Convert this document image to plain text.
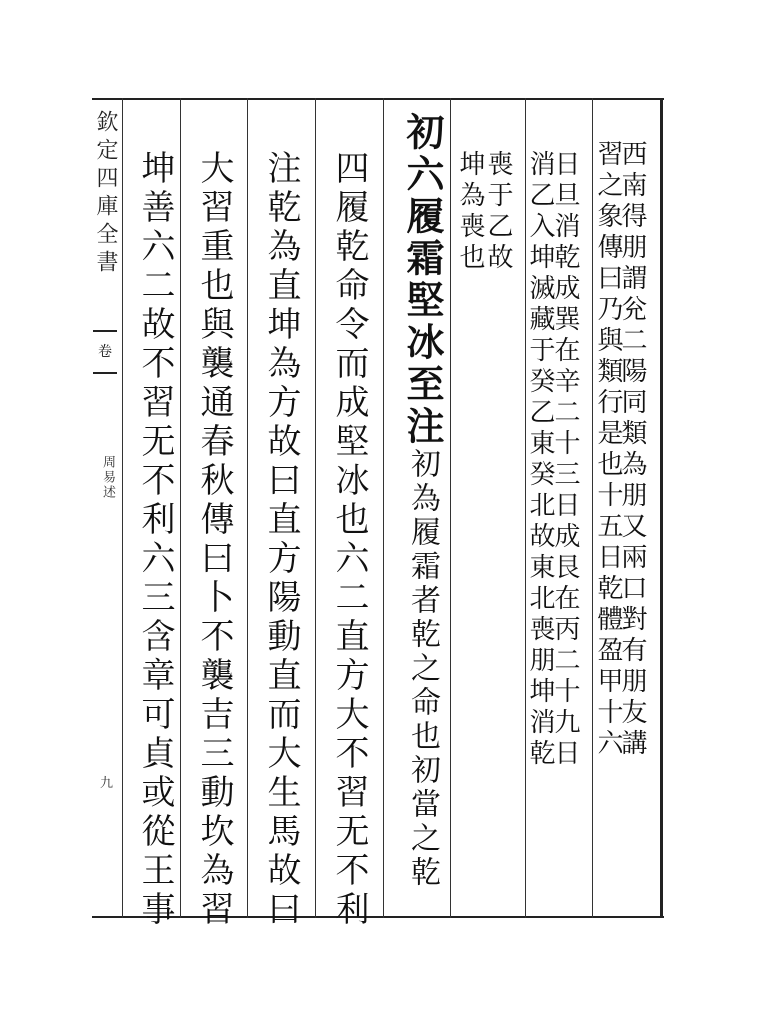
欽定四庫全書
卷
周易述
九
西南得朋謂兊二陽同類為朋又兩口對有朋友講
習之象傳曰乃與類行是也十五日乾體盈甲十六
日旦消乾成巽在辛二十三日成艮在丙二十九日
消乙入坤滅藏于癸乙東癸北故東北喪朋坤消乾
喪于乙故
坤為喪也
初六履霜堅冰至注初為履霜者乾之命也初當之乾
四履乾命令而成堅冰也六二直方大不習无不利
注乾為直坤為方故曰直方陽動直而大生馬故曰
大習重也與襲通春秋傳曰卜不襲吉三動坎為習
坤善六二故不習无不利六三含章可貞或從王事
